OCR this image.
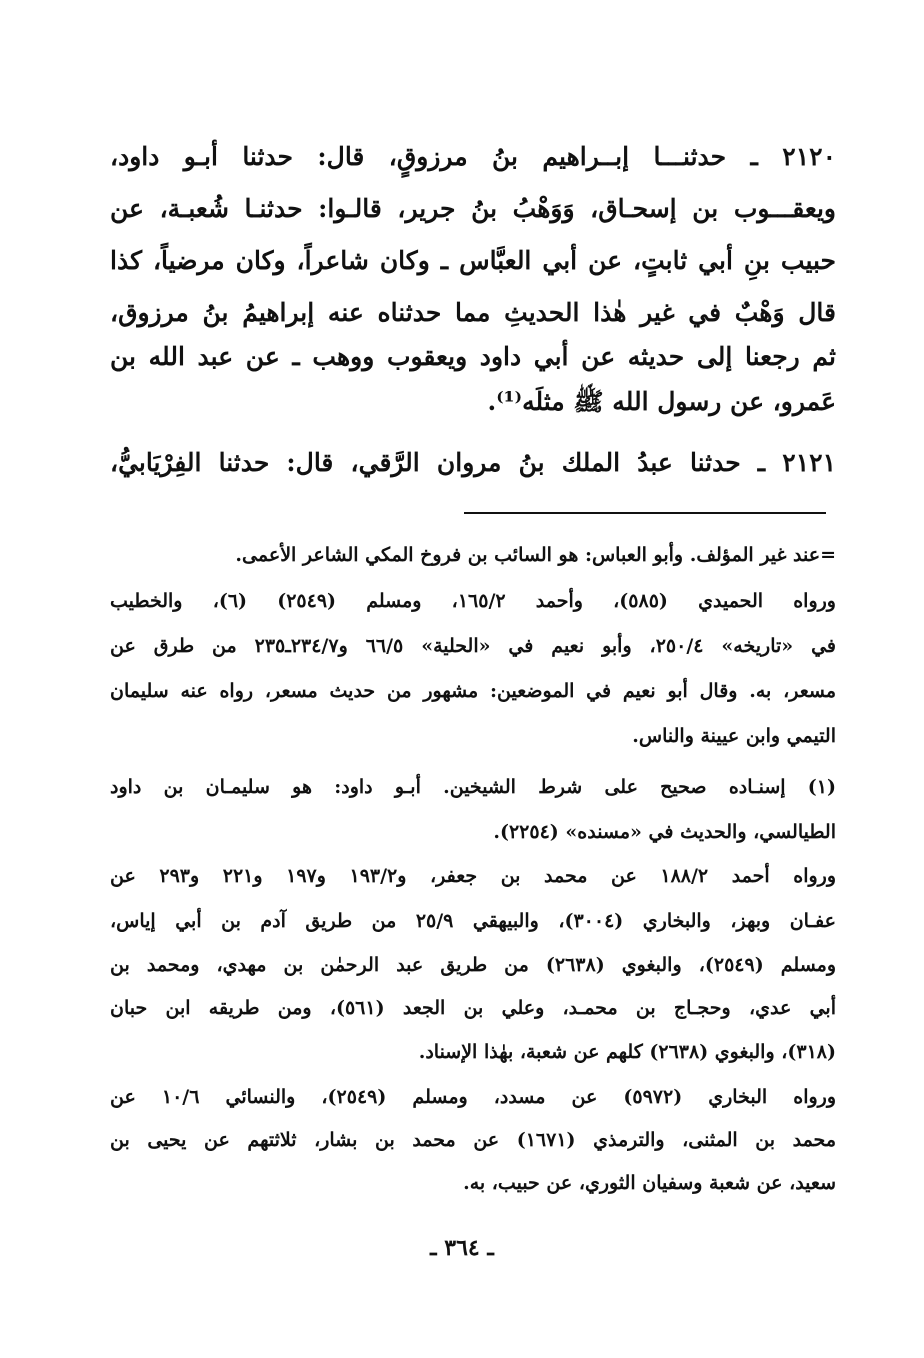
٢١٢٠ ـ حدثنـــا إبــراهيم بنُ مرزوقٍ، قال: حدثنا أبـو داود،
ويعقـــوب بن إسحـاق، وَوَهْبُ بنُ جرير، قالـوا: حدثنـا شُعبـة، عن
حبيب بنِ أبي ثابتٍ، عن أبي العبَّاس ـ وكان شاعراً، وكان مرضياً، كذا
قال وَهْبٌ في غير هٰذا الحديثِ مما حدثناه عنه إبراهيمُ بنُ مرزوق،
ثم رجعنا إلى حديثه عن أبي داود ويعقوب ووهب ـ عن عبد الله بن
عَمرو، عن رسول الله ﷺ مثلَه⁽¹⁾.
٢١٢١ ـ حدثنا عبدُ الملك بنُ مروان الرَّقي، قال: حدثنا الفِرْيَابيُّ،
=عند غير المؤلف. وأبو العباس: هو السائب بن فروخ المكي الشاعر الأعمى.
ورواه الحميدي (٥٨٥)، وأحمد ١٦٥/٢، ومسلم (٢٥٤٩) (٦)، والخطيب
في «تاريخه» ٢٥٠/٤، وأبو نعيم في «الحلية» ٦٦/٥ و٢٣٤/٧ـ٢٣٥ من طرق عن
مسعر، به. وقال أبو نعيم في الموضعين: مشهور من حديث مسعر، رواه عنه سليمان
التيمي وابن عيينة والناس.
(١) إسنـاده صحيح على شرط الشيخين. أبـو داود: هو سليمـان بن داود
الطيالسي، والحديث في «مسنده» (٢٢٥٤).
ورواه أحمد ١٨٨/٢ عن محمد بن جعفر، و١٩٣/٢ و١٩٧ و٢٢١ و٢٩٣ عن
عفـان وبهز، والبخاري (٣٠٠٤)، والبيهقي ٢٥/٩ من طريق آدم بن أبي إياس،
ومسلم (٢٥٤٩)، والبغوي (٢٦٣٨) من طريق عبد الرحمٰن بن مهدي، ومحمد بن
أبي عدي، وحجـاج بن محمـد، وعلي بن الجعد (٥٦١)، ومن طريقه ابن حبان
(٣١٨)، والبغوي (٢٦٣٨) كلهم عن شعبة، بهٰذا الإسناد.
ورواه البخاري (٥٩٧٢) عن مسدد، ومسلم (٢٥٤٩)، والنسائي ١٠/٦ عن
محمد بن المثنى، والترمذي (١٦٧١) عن محمد بن بشار، ثلاثتهم عن يحيى بن
سعيد، عن شعبة وسفيان الثوري، عن حبيب، به.
ـ ٣٦٤ ـ
